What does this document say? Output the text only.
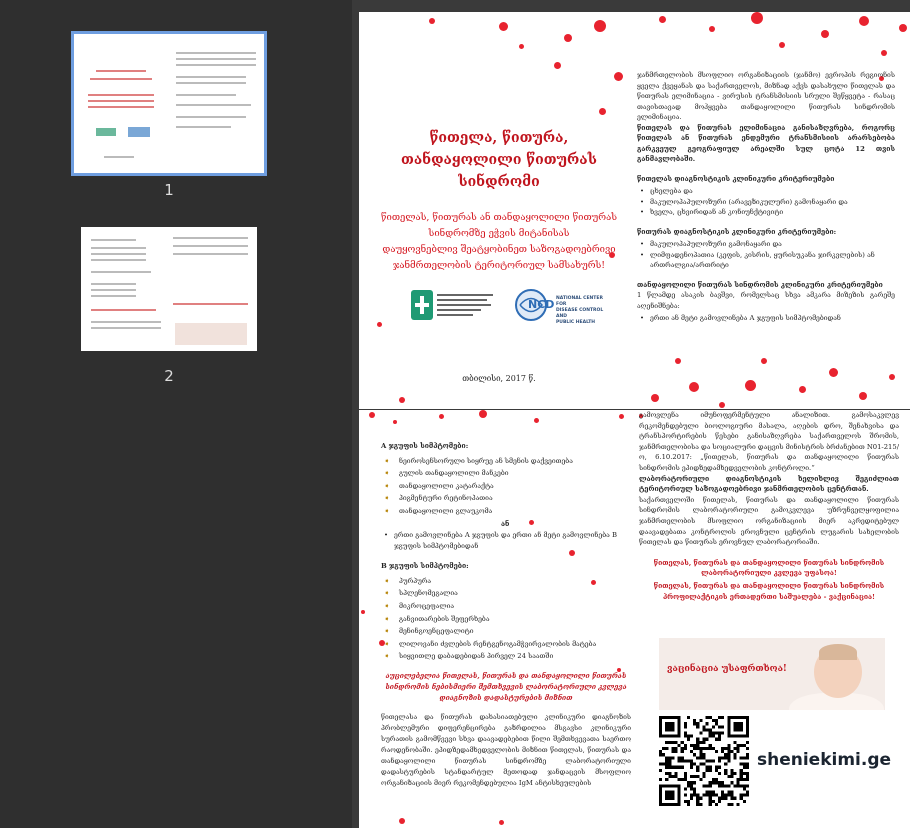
1
2
წითელა, წითურა,
თანდაყოლილი წითურას სინდრომი
წითელას, წითურას ან თანდაყოლილი წითურას
სინდრომზე ეჭვის მიტანისას
დაუყოვნებლივ შეატყობინეთ საზოგადოებრივი
ჯანმრთელობის ტერიტორიულ სამსახურს!
NCD NATIONAL CENTER FOR
DISEASE CONTROL AND
PUBLIC HEALTH
თბილისი, 2017 წ.

ჯანმრთელობის მსოფლიო ორგანიზაციის (ჯანმო) ევროპის რეგიონის ყველა ქვეყანას და საქართველოს, მიზნად აქვს დასახული წითელას და წითურას ელიმინაცია - ვირუსის ტრანსმისიის სრული შეწყვეტა - რასაც თავისთავად მოჰყვება თანდაყოლილი წითურას სინდრომის ელიმინაცია.

წითელას და წითურას ელიმინაცია განისაზღვრება, როგორც წითელას ან წითურას ენდემური ტრანსმისიის არარსებობა გარკვეულ გეოგრაფიულ არეალში სულ ცოტა 12 თვის განმავლობაში.

წითელას დიაგნოსტიკის კლინიკური კრიტერიუმები
• ცხელება და
• მაკულოპაპულოზური (არავეზიკულური) გამონაყარი და
• ხველა, ცხვირიდან ან კონიუნქტივიტი
წითურას დიაგნოსტიკის კლინიკური კრიტერიუმები:
• მაკულოპაპულოზური გამონაყარი და
• ლიმფადენოპათია (კეფის, კისრის, ყურისუკანა ჯირკვლების) ან ართრალგია/ართრიტი
თანდაყოლილი წითურას სინდრომის კლინიკური კრიტერიუმები

1 წლამდე ასაკის ბავშვი, რომელსაც სხვა ამკარა მიზეზის გარეშე აღენიშნება:

• ერთი ან მეტი გამოვლინება A ჯგუფის სიმპტომებიდან
A ჯგუფის სიმპტომები:
➧ ნეიროსენსორული სიყრუე ან სმენის დაქვეითება
➧ გულის თანდაყოლილი მანკები
➧ თანდაყოლილი კატარაქტა
➧ პიგმენტური რეტინოპათია
➧ თანდაყოლილი გლაუკომა
ან
• ერთი გამოვლინება A ჯგუფის და ერთი ან მეტი გამოვლინება B ჯგუფის სიმპტომებიდან
B ჯგუფის სიმპტომები:
➧ პურპურა
➧ სპლენომეგალია
➧ მიკროცეფალია
➧ განვითარების შეფერხება
➧ მენინგოენცეფალიტი
➧ ლილოვანი ძვლების რენტგენოგამჭვირვალობის მატება
➧ სიყვითლე დაბადებიდან პირველ 24 საათში
აუცილებელია წითელას, წითურას და თანდაყოლილი წითურას სინდრომის ნებისმიერი შემთხვევის ლაბორატორიული კვლევა დიაგნოზის დადასტურების მიზნით

წითელასა და წითურას დახასიათებული კლინიკური დიაგნოზის პრობლემური დიფერენცირება გაზრდილია მსგავსი კლინიკური სურათის გამომწვევი სხვა დაავადებებით წილი შემთხვევათა საერთო რაოდენობაში. ეპიდზედამხედველობის მიზნით წითელას, წითურას და თანდაყოლილი წითურას სინდრომზე ლაბორატორიული დადასტურების სტანდარტულ მეთოდად ჯანდაცვის მსოფლიო ორგანიზაციის მიერ რეკომენდებულია IgM ანტისხეულების

გამოვლენა იმუნოფერმენტული ანალიზით. გამოსაკვლევ რეკომენდებული ბიოლოგიური მასალა, აღების დრო, შენახვისა და ტრანსპორტირების წესები განისაზღვრება საქართველოს შრომის, ჯანმრთელობისა და სოციალური დაცვის მინისტრის ბრძანებით N01-215/ო, 6.10.2017: „წითელას, წითურას და თანდაყოლილი წითურას სინდრომის ეპიდზედამხედველობის კონტროლი.“

ლაბორატორიული დიაგნოსტიკის ხელიხლივ შეგიძლიათ ტერიტორიულ საზოგადოებრივი ჯანმრთელობის ცენტრთან.

საქართველოში წითელას, წითურას და თანდაყოლილი წითურას სინდრომის ლაბორატორიული გამოკვლევა უზრუნველყოფილია ჯანმრთელობის მსოფლიო ორგანიზაციის მიერ აკრედიტებულ დაავადებათა კონტროლის ეროვნული ცენტრის ლუგარის სახელობის წითელას და წითურას ეროვნულ ლაბორატორიაში.

წითელას, წითურას და თანდაყოლილი წითურას სინდრომის ლაბორატორიული კვლევა უფასოა!

წითელას, წითურას და თანდაყოლილი წითურას სინდრომის პროფილაქტიკის ერთადერთი საშუალება - ვაქცინაცია!

ვაცინაცია უსაფრთხოა!
sheniekimi.ge
